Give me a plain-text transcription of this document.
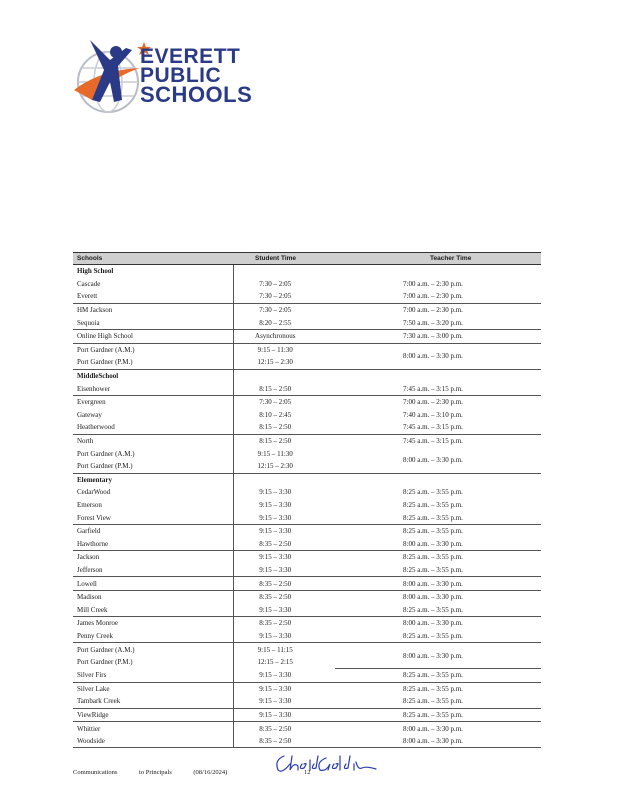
EVERETT
PUBLIC
SCHOOLS
Schools	Student Time	Teacher Time
High School		
Cascade	7:30 – 2:05	7:00 a.m. – 2:30 p.m.
Everett	7:30 – 2:05	7:00 a.m. – 2:30 p.m.
HM Jackson	7:30 – 2:05	7:00 a.m. – 2:30 p.m.
Sequoia	8:20 – 2:55	7:50 a.m. – 3:20 p.m.
Online High School	Asynchronous	7:30 a.m. – 3:00 p.m.
Port Gardner (A.M.)	9:15 – 11:30	8:00 a.m. – 3:30 p.m.
Port Gardner (P.M.)	12:15 – 2:30	
MiddleSchool		
Eisenhower	8:15 – 2:50	7:45 a.m. – 3:15 p.m.
Evergreen	7:30 – 2:05	7:00 a.m. – 2:30 p.m.
Gateway	8:10 – 2:45	7:40 a.m. – 3:10 p.m.
Heatherwood	8:15 – 2:50	7:45 a.m. – 3:15 p.m.
North	8:15 – 2:50	7:45 a.m. – 3:15 p.m.
Port Gardner (A.M.)	9:15 – 11:30	8:00 a.m. – 3:30 p.m.
Port Gardner (P.M.)	12:15 – 2:30	
Elementary		
CedarWood	9:15 – 3:30	8:25 a.m. – 3:55 p.m.
Emerson	9:15 – 3:30	8:25 a.m. – 3:55 p.m.
Forest View	9:15 – 3:30	8:25 a.m. – 3:55 p.m.
Garfield	9:15 – 3:30	8:25 a.m. – 3:55 p.m.
Hawthorne	8:35 – 2:50	8:00 a.m. – 3:30 p.m.
Jackson	9:15 – 3:30	8:25 a.m. – 3:55 p.m.
Jefferson	9:15 – 3:30	8:25 a.m. – 3:55 p.m.
Lowell	8:35 – 2:50	8:00 a.m. – 3:30 p.m.
Madison	8:35 – 2:50	8:00 a.m. – 3:30 p.m.
Mill Creek	9:15 – 3:30	8:25 a.m. – 3:55 p.m.
James Monroe	8:35 – 2:50	8:00 a.m. – 3:30 p.m.
Penny Creek	9:15 – 3:30	8:25 a.m. – 3:55 p.m.
Port Gardner (A.M.)	9:15 – 11:15	8:00 a.m. – 3:30 p.m.
Port Gardner (P.M.)	12:15 – 2:15	
Silver Firs	9:15 – 3:30	8:25 a.m. – 3:55 p.m.
Silver Lake	9:15 – 3:30	8:25 a.m. – 3:55 p.m.
Tambark Creek	9:15 – 3:30	8:25 a.m. – 3:55 p.m.
ViewRidge	9:15 – 3:30	8:25 a.m. – 3:55 p.m.
Whittier	8:35 – 2:50	8:00 a.m. – 3:30 p.m.
Woodside	8:35 – 2:50	8:00 a.m. – 3:30 p.m.
Communications	to Principals	(08/16/2024)	12
